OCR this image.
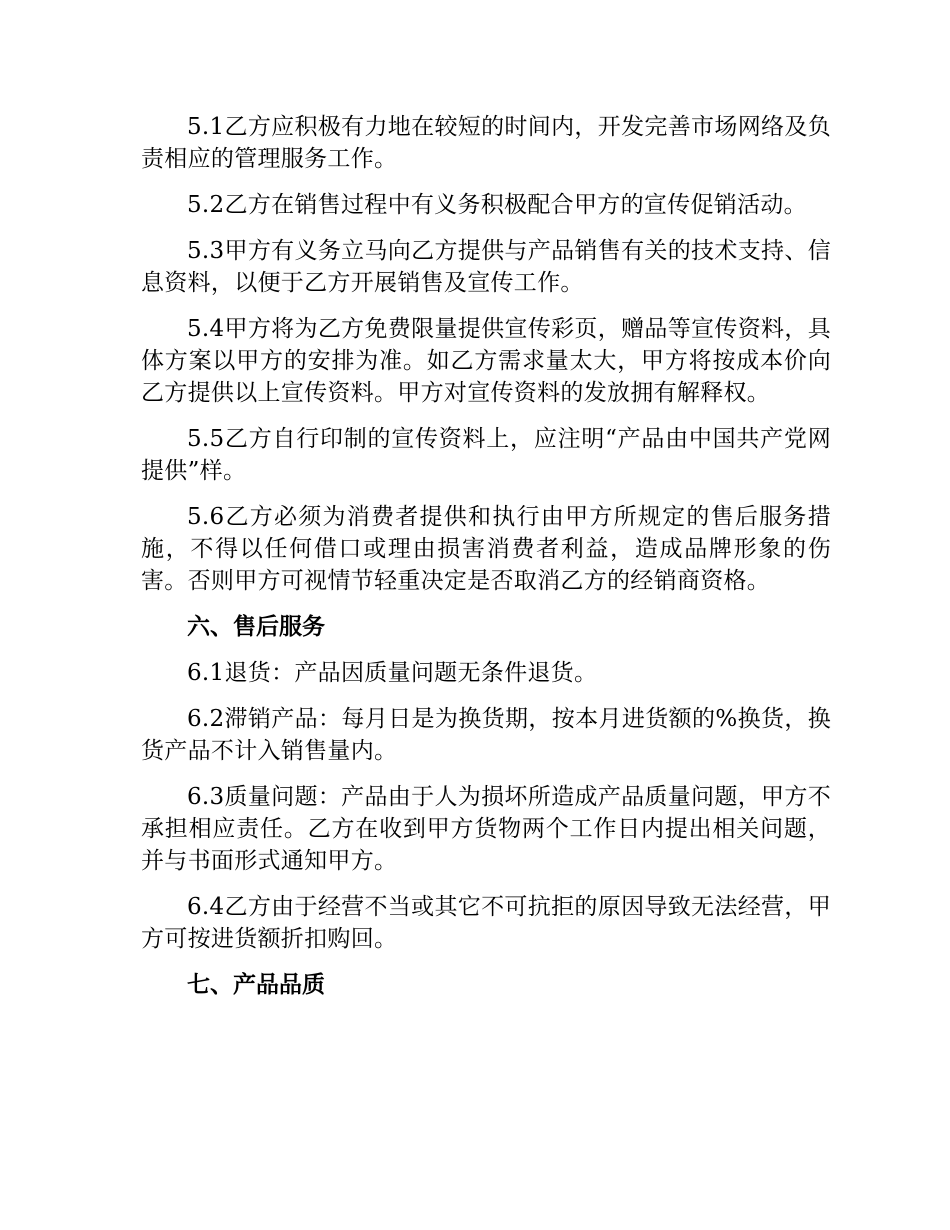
5.1乙方应积极有力地在较短的时间内，开发完善市场网络及负责相应的管理服务工作。

5.2乙方在销售过程中有义务积极配合甲方的宣传促销活动。

5.3甲方有义务立马向乙方提供与产品销售有关的技术支持、信息资料，以便于乙方开展销售及宣传工作。

5.4甲方将为乙方免费限量提供宣传彩页，赠品等宣传资料，具体方案以甲方的安排为准。如乙方需求量太大，甲方将按成本价向乙方提供以上宣传资料。甲方对宣传资料的发放拥有解释权。

5.5乙方自行印制的宣传资料上，应注明“产品由中国共产党网提供”样。

5.6乙方必须为消费者提供和执行由甲方所规定的售后服务措施，不得以任何借口或理由损害消费者利益，造成品牌形象的伤害。否则甲方可视情节轻重决定是否取消乙方的经销商资格。

六、售后服务

6.1退货：产品因质量问题无条件退货。

6.2滞销产品：每月日是为换货期，按本月进货额的%换货，换货产品不计入销售量内。

6.3质量问题：产品由于人为损坏所造成产品质量问题，甲方不承担相应责任。乙方在收到甲方货物两个工作日内提出相关问题，并与书面形式通知甲方。

6.4乙方由于经营不当或其它不可抗拒的原因导致无法经营，甲方可按进货额折扣购回。

七、产品品质
